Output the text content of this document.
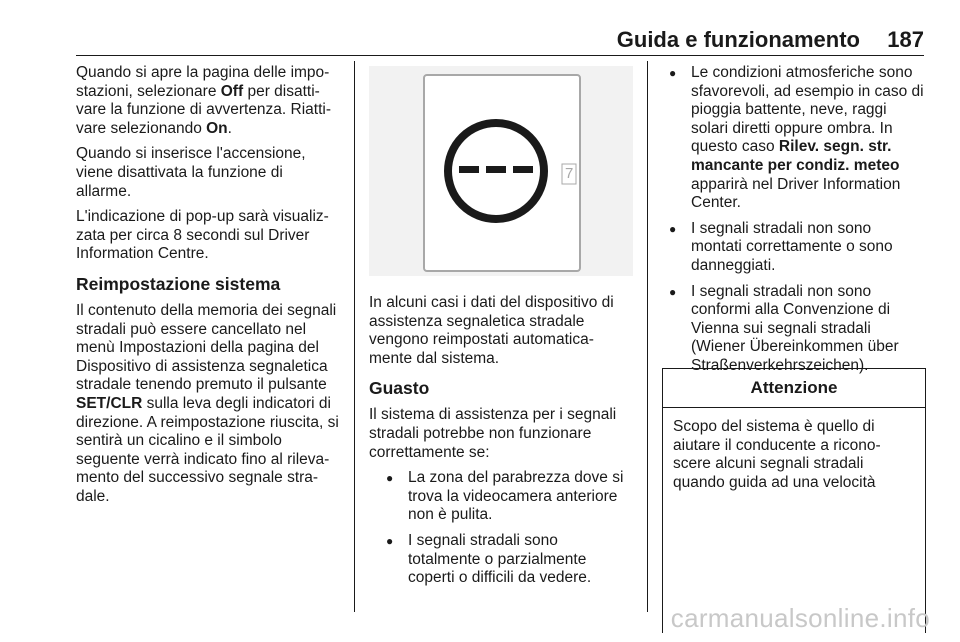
Guida e funzionamento 187

Quando si apre la pagina delle impo-stazioni, selezionare Off per disatti-vare la funzione di avvertenza. Riatti-vare selezionando On.

Quando si inserisce l'accensione, viene disattivata la funzione di allarme.

L'indicazione di pop-up sarà visualiz-zata per circa 8 secondi sul Driver Information Centre.

Reimpostazione sistema

Il contenuto della memoria dei segnali stradali può essere cancellato nel menù Impostazioni della pagina del Dispositivo di assistenza segnaletica stradale tenendo premuto il pulsante SET/CLR sulla leva degli indicatori di direzione. A reimpostazione riuscita, si sentirà un cicalino e il simbolo seguente verrà indicato fino al rileva-mento del successivo segnale stra-dale.

7

In alcuni casi i dati del dispositivo di assistenza segnaletica stradale vengono reimpostati automatica-mente dal sistema.

Guasto

Il sistema di assistenza per i segnali stradali potrebbe non funzionare correttamente se:

● La zona del parabrezza dove si trova la videocamera anteriore non è pulita.
● I segnali stradali sono totalmente o parzialmente coperti o difficili da vedere.
● Le condizioni atmosferiche sono sfavorevoli, ad esempio in caso di pioggia battente, neve, raggi solari diretti oppure ombra. In questo caso Rilev. segn. str. mancante per condiz. meteo apparirà nel Driver Information Center.
● I segnali stradali non sono montati correttamente o sono danneggiati.
● I segnali stradali non sono conformi alla Convenzione di Vienna sui segnali stradali (Wiener Übereinkommen über Straßenverkehrszeichen).
Attenzione
Scopo del sistema è quello di aiutare il conducente a ricono-scere alcuni segnali stradali quando guida ad una velocità
carmanualsonline.info
